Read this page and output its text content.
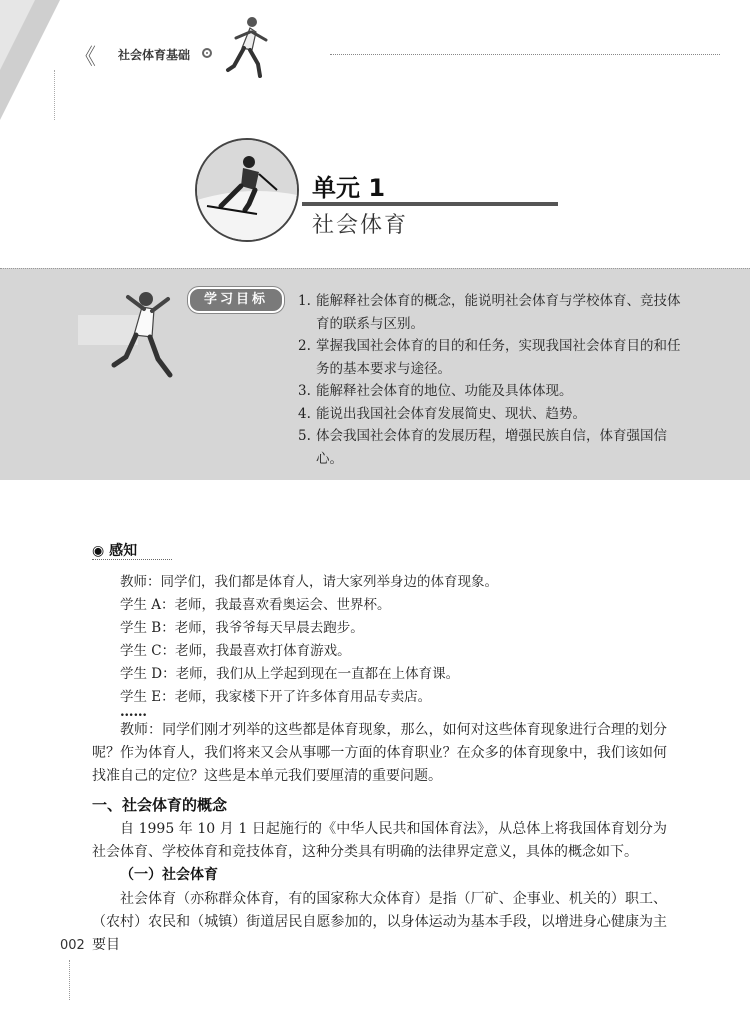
《 社会体育基础
单元 1
社会体育
学习目标	1. 能解释社会体育的概念，能说明社会体育与学校体育、竞技体育的联系与区别。
2. 掌握我国社会体育的目的和任务，实现我国社会体育目的和任务的基本要求与途径。
3. 能解释社会体育的地位、功能及具体体现。
4. 能说出我国社会体育发展简史、现状、趋势。
5. 体会我国社会体育的发展历程，增强民族自信，体育强国信心。
◉ 感知
教师：同学们，我们都是体育人，请大家列举身边的体育现象。
学生 A：老师，我最喜欢看奥运会、世界杯。
学生 B：老师，我爷爷每天早晨去跑步。
学生 C：老师，我最喜欢打体育游戏。
学生 D：老师，我们从上学起到现在一直都在上体育课。
学生 E：老师，我家楼下开了许多体育用品专卖店。
……
教师：同学们刚才列举的这些都是体育现象，那么，如何对这些体育现象进行合理的划分呢？作为体育人，我们将来又会从事哪一方面的体育职业？在众多的体育现象中，我们该如何找准自己的定位？这些是本单元我们要厘清的重要问题。
一、社会体育的概念
自 1995 年 10 月 1 日起施行的《中华人民共和国体育法》，从总体上将我国体育划分为社会体育、学校体育和竞技体育，这种分类具有明确的法律界定意义，具体的概念如下。
（一）社会体育
社会体育（亦称群众体育，有的国家称大众体育）是指（厂矿、企事业、机关的）职工、（农村）农民和（城镇）街道居民自愿参加的，以身体运动为基本手段，以增进身心健康为主要目
002
